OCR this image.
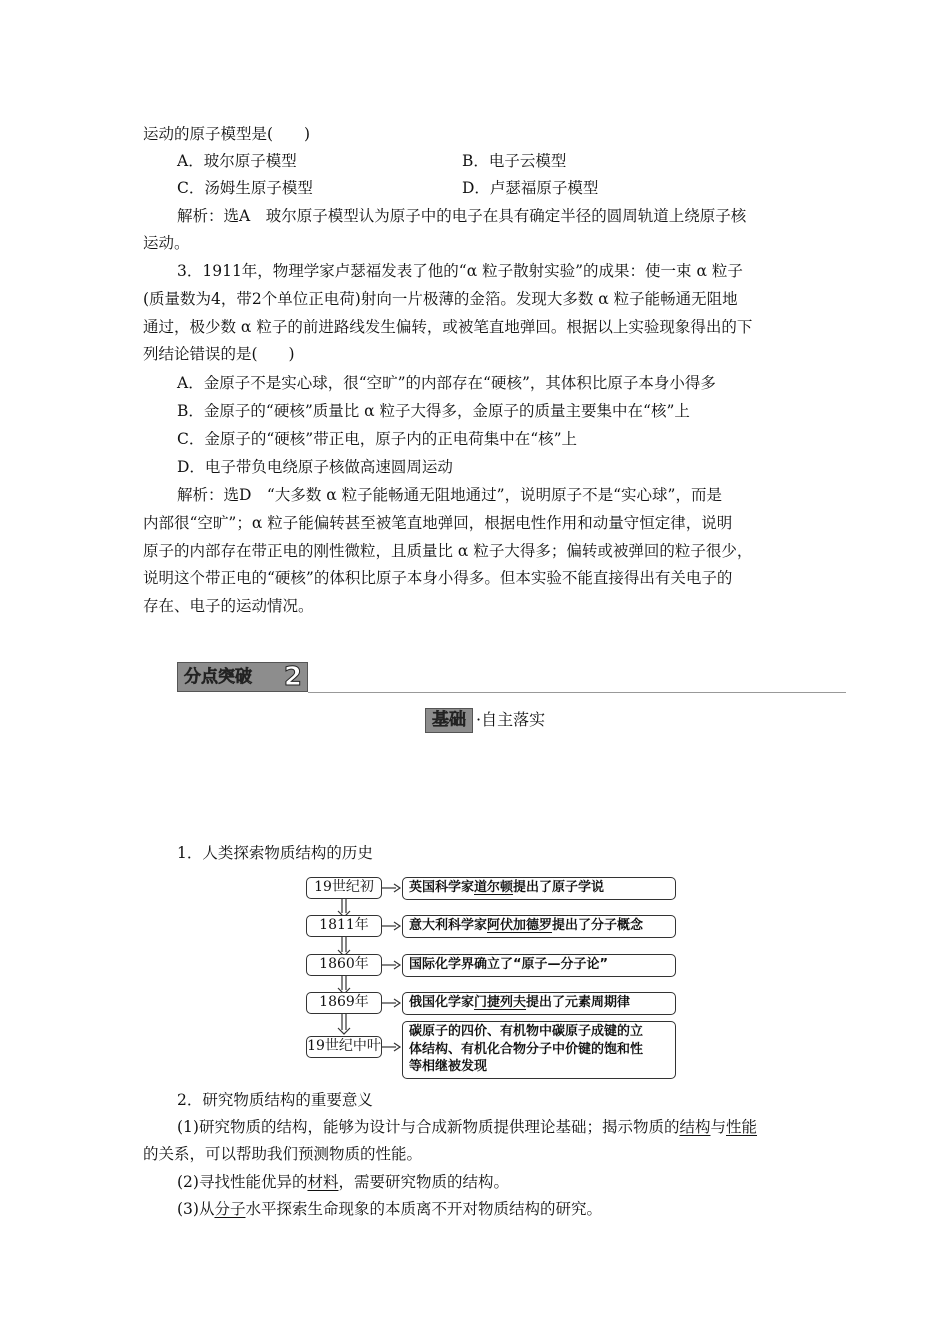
运动的原子模型是(　　)
A．玻尔原子模型	B．电子云模型
C．汤姆生原子模型	D．卢瑟福原子模型
解析：选A　玻尔原子模型认为原子中的电子在具有确定半径的圆周轨道上绕原子核
运动。
3．1911年，物理学家卢瑟福发表了他的“α 粒子散射实验”的成果：使一束 α 粒子
(质量数为4，带2个单位正电荷)射向一片极薄的金箔。发现大多数 α 粒子能畅通无阻地
通过，极少数 α 粒子的前进路线发生偏转，或被笔直地弹回。根据以上实验现象得出的下
列结论错误的是(　　)
A．金原子不是实心球，很“空旷”的内部存在“硬核”，其体积比原子本身小得多
B．金原子的“硬核”质量比 α 粒子大得多，金原子的质量主要集中在“核”上
C．金原子的“硬核”带正电，原子内的正电荷集中在“核”上
D．电子带负电绕原子核做高速圆周运动
解析：选D　“大多数 α 粒子能畅通无阻地通过”，说明原子不是“实心球”，而是
内部很“空旷”；α 粒子能偏转甚至被笔直地弹回，根据电性作用和动量守恒定律，说明
原子的内部存在带正电的刚性微粒，且质量比 α 粒子大得多；偏转或被弹回的粒子很少，
说明这个带正电的“硬核”的体积比原子本身小得多。但本实验不能直接得出有关电子的
存在、电子的运动情况。
分点突破 2
基础 ·自主落实
1．人类探索物质结构的历史
19世纪初	英国科学家道尔顿提出了原子学说
1811年	意大利科学家阿伏加德罗提出了分子概念
1860年	国际化学界确立了“原子—分子论”
1869年	俄国化学家门捷列夫提出了元素周期律
19世纪中叶
碳原子的四价、有机物中碳原子成键的立
体结构、有机化合物分子中价键的饱和性
等相继被发现
2．研究物质结构的重要意义
(1)研究物质的结构，能够为设计与合成新物质提供理论基础；揭示物质的结构与性能
的关系，可以帮助我们预测物质的性能。
(2)寻找性能优异的材料，需要研究物质的结构。
(3)从分子水平探索生命现象的本质离不开对物质结构的研究。
